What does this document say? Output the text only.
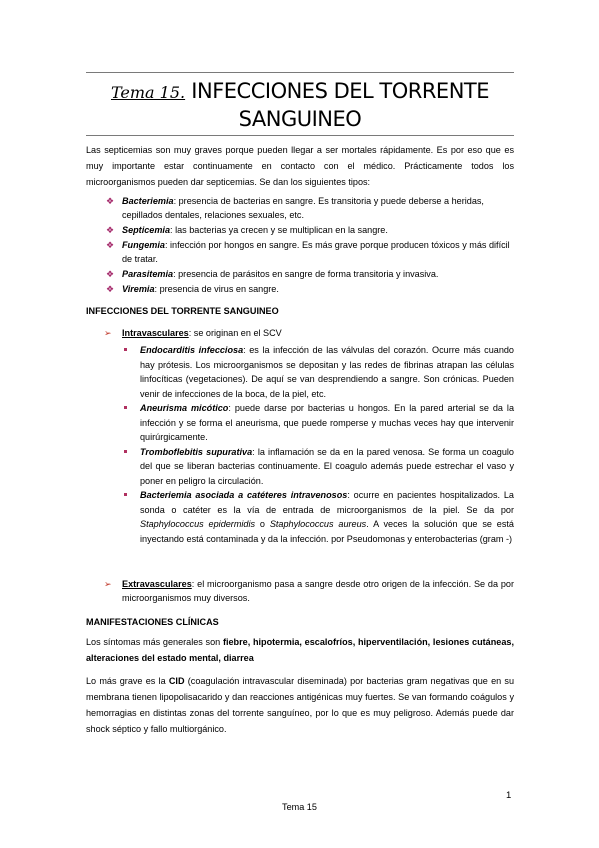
Tema 15. INFECCIONES DEL TORRENTE
SANGUINEO
Las septicemias son muy graves porque pueden llegar a ser mortales rápidamente. Es por eso que es muy importante estar continuamente en contacto con el médico. Prácticamente todos los microorganismos pueden dar septicemias. Se dan los siguientes tipos:
❖ Bacteriemia: presencia de bacterias en sangre. Es transitoria y puede deberse a heridas, cepillados dentales, relaciones sexuales, etc.
❖ Septicemia: las bacterias ya crecen y se multiplican en la sangre.
❖ Fungemia: infección por hongos en sangre. Es más grave porque producen tóxicos y más difícil de tratar.
❖ Parasitemia: presencia de parásitos en sangre de forma transitoria y invasiva.
❖ Viremia: presencia de virus en sangre.
INFECCIONES DEL TORRENTE SANGUINEO
➢	Intravasculares: se originan en el SCV
Endocarditis infecciosa: es la infección de las válvulas del corazón. Ocurre más cuando hay prótesis. Los microorganismos se depositan y las redes de fibrinas atrapan las células linfocíticas (vegetaciones). De aquí se van desprendiendo a sangre. Son crónicas. Pueden venir de infecciones de la boca, de la piel, etc.
Aneurisma micótico: puede darse por bacterias u hongos. En la pared arterial se da la infección y se forma el aneurisma, que puede romperse y muchas veces hay que intervenir quirúrgicamente.
Tromboflebitis supurativa: la inflamación se da en la pared venosa. Se forma un coagulo del que se liberan bacterias continuamente. El coagulo además puede estrechar el vaso y poner en peligro la circulación.
Bacteriemia asociada a catéteres intravenosos: ocurre en pacientes hospitalizados. La sonda o catéter es la vía de entrada de microorganismos de la piel. Se da por Staphylococcus epidermidis o Staphylococcus aureus. A veces la solución que se está inyectando está contaminada y da la infección. por Pseudomonas y enterobacterias (gram -)
➢	Extravasculares: el microorganismo pasa a sangre desde otro origen de la infección. Se da por microorganismos muy diversos.
MANIFESTACIONES CLÍNICAS
Los síntomas más generales son fiebre, hipotermia, escalofríos, hiperventilación, lesiones cutáneas, alteraciones del estado mental, diarrea
Lo más grave es la CID (coagulación intravascular diseminada) por bacterias gram negativas que en su membrana tienen lipopolisacarido y dan reacciones antigénicas muy fuertes. Se van formando coágulos y hemorragias en distintas zonas del torrente sanguíneo, por lo que es muy peligroso. Además puede dar shock séptico y fallo multiorgánico.
1
Tema 15
